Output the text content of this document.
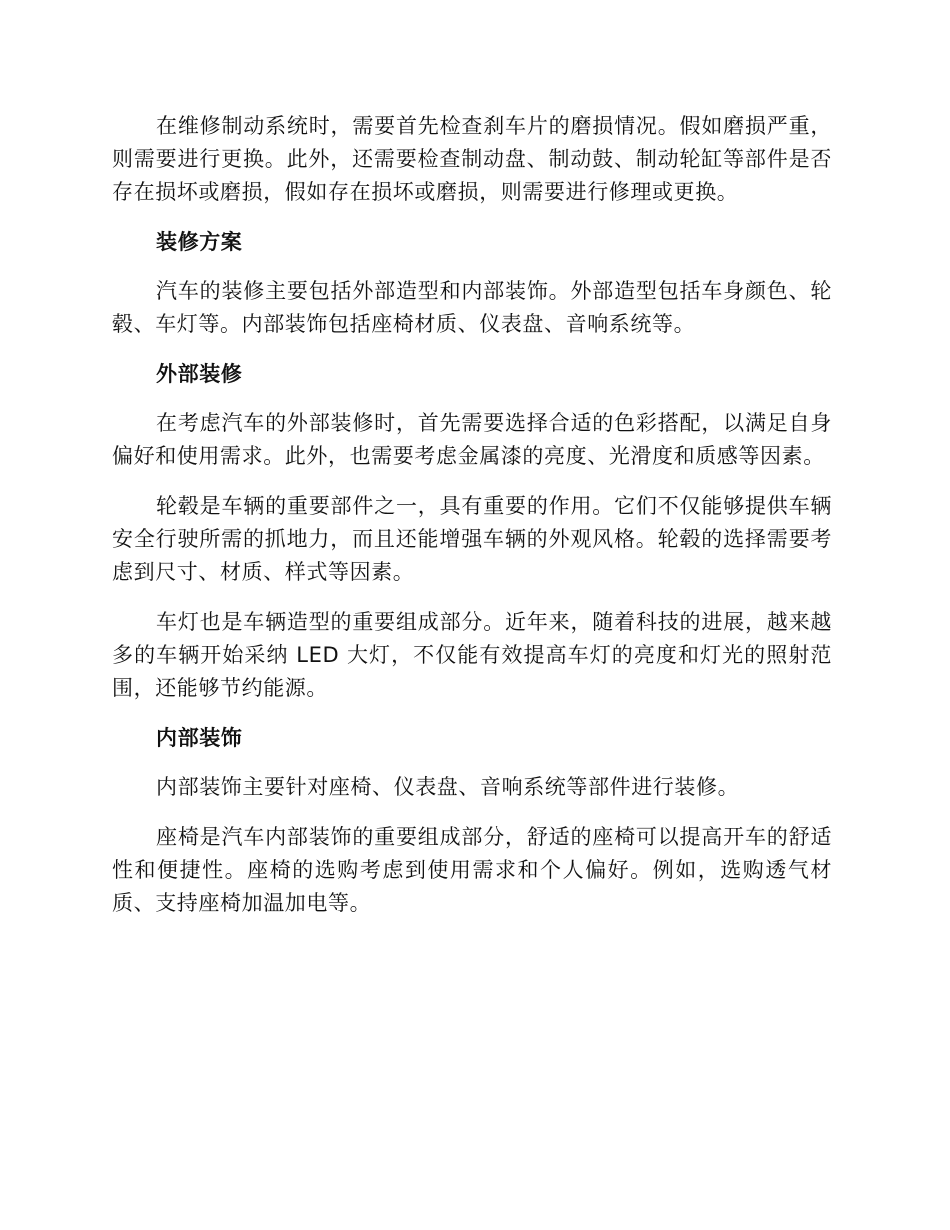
在维修制动系统时，需要首先检查刹车片的磨损情况。假如磨损严重，则需要进行更换。此外，还需要检查制动盘、制动鼓、制动轮缸等部件是否存在损坏或磨损，假如存在损坏或磨损，则需要进行修理或更换。

装修方案

汽车的装修主要包括外部造型和内部装饰。外部造型包括车身颜色、轮毂、车灯等。内部装饰包括座椅材质、仪表盘、音响系统等。

外部装修

在考虑汽车的外部装修时，首先需要选择合适的色彩搭配，以满足自身偏好和使用需求。此外，也需要考虑金属漆的亮度、光滑度和质感等因素。

轮毂是车辆的重要部件之一，具有重要的作用。它们不仅能够提供车辆安全行驶所需的抓地力，而且还能增强车辆的外观风格。轮毂的选择需要考虑到尺寸、材质、样式等因素。

车灯也是车辆造型的重要组成部分。近年来，随着科技的进展，越来越多的车辆开始采纳 LED 大灯，不仅能有效提高车灯的亮度和灯光的照射范围，还能够节约能源。

内部装饰

内部装饰主要针对座椅、仪表盘、音响系统等部件进行装修。

座椅是汽车内部装饰的重要组成部分，舒适的座椅可以提高开车的舒适性和便捷性。座椅的选购考虑到使用需求和个人偏好。例如，选购透气材质、支持座椅加温加电等。
